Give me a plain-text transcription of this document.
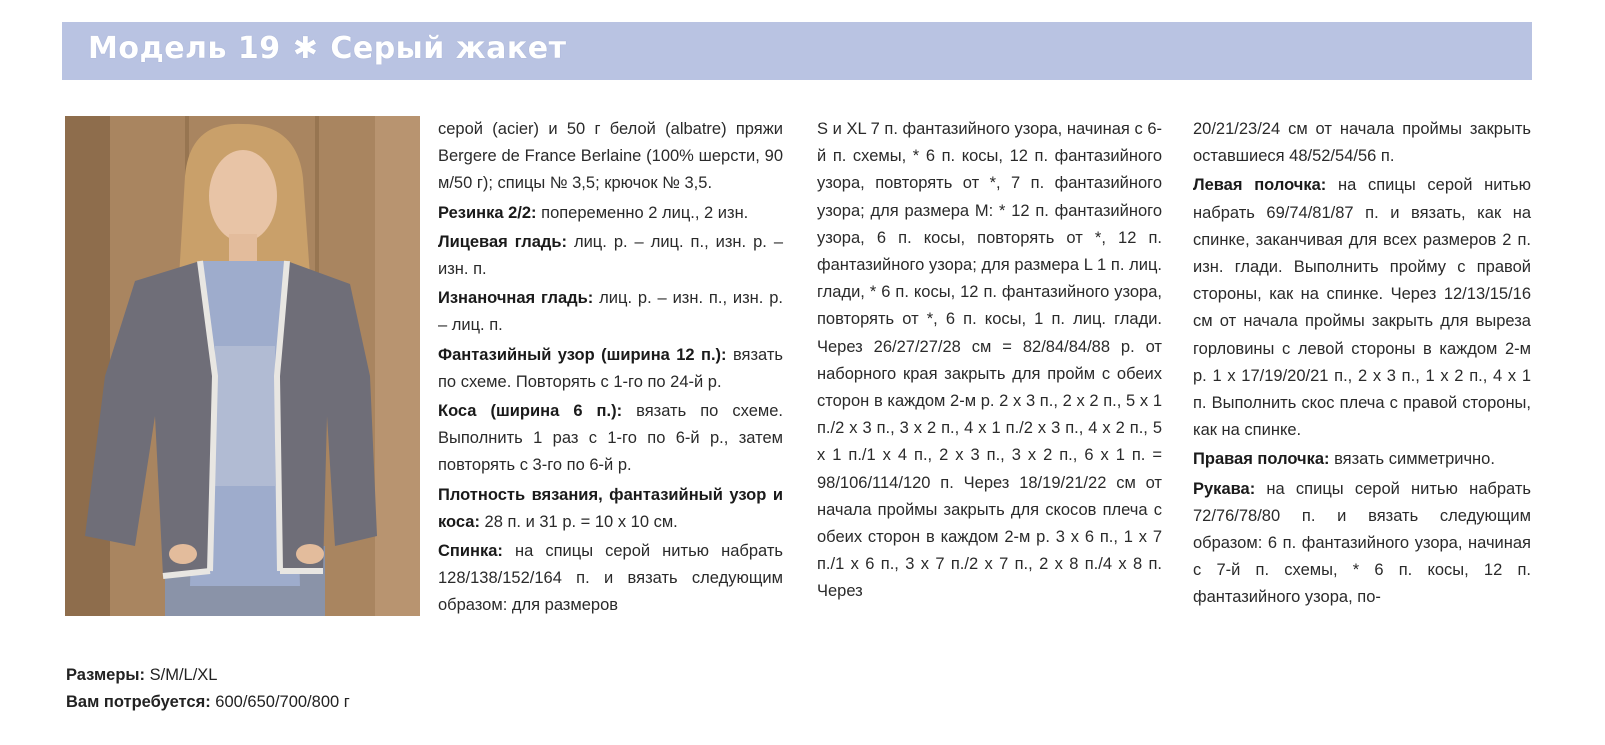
Модель 19 ✱ Серый жакет
Размеры: S/M/L/XL
Вам потребуется: 600/650/700/800 г

серой (acier) и 50 г белой (albatre) пряжи Bergere de France Berlaine (100% шерсти, 90 м/50 г); спицы № 3,5; крючок № 3,5.

Резинка 2/2: попеременно 2 лиц., 2 изн.

Лицевая гладь: лиц. р. – лиц. п., изн. р. – изн. п.

Изнаночная гладь: лиц. р. – изн. п., изн. р. – лиц. п.

Фантазийный узор (ширина 12 п.): вязать по схеме. Повторять с 1-го по 24-й р.

Коса (ширина 6 п.): вязать по схеме. Выполнить 1 раз с 1-го по 6-й р., затем повторять с 3-го по 6-й р.

Плотность вязания, фантазийный узор и коса: 28 п. и 31 р. = 10 х 10 см.

Спинка: на спицы серой нитью набрать 128/138/152/164 п. и вязать следующим образом: для размеров

S и XL 7 п. фантазийного узора, начиная с 6-й п. схемы, * 6 п. косы, 12 п. фантазийного узора, повторять от *, 7 п. фантазийного узора; для размера М: * 12 п. фантазийного узора, 6 п. косы, повторять от *, 12 п. фантазийного узора; для размера L 1 п. лиц. глади, * 6 п. косы, 12 п. фантазийного узора, повторять от *, 6 п. косы, 1 п. лиц. глади. Через 26/27/27/28 см = 82/84/84/88 р. от наборного края закрыть для пройм с обеих сторон в каждом 2-м р. 2 х 3 п., 2 х 2 п., 5 х 1 п./2 х 3 п., 3 х 2 п., 4 х 1 п./2 х 3 п., 4 х 2 п., 5 х 1 п./1 х 4 п., 2 х 3 п., 3 х 2 п., 6 х 1 п. = 98/106/114/120 п. Через 18/19/21/22 см от начала проймы закрыть для скосов плеча с обеих сторон в каждом 2-м р. 3 х 6 п., 1 х 7 п./1 х 6 п., 3 х 7 п./2 х 7 п., 2 х 8 п./4 х 8 п. Через

20/21/23/24 см от начала проймы закрыть оставшиеся 48/52/54/56 п.

Левая полочка: на спицы серой нитью набрать 69/74/81/87 п. и вязать, как на спинке, заканчивая для всех размеров 2 п. изн. глади. Выполнить пройму с правой стороны, как на спинке. Через 12/13/15/16 см от начала проймы закрыть для выреза горловины с левой стороны в каждом 2-м р. 1 х 17/19/20/21 п., 2 х 3 п., 1 х 2 п., 4 х 1 п. Выполнить скос плеча с правой стороны, как на спинке.

Правая полочка: вязать симметрично.

Рукава: на спицы серой нитью набрать 72/76/78/80 п. и вязать следующим образом: 6 п. фантазийного узора, начиная с 7-й п. схемы, * 6 п. косы, 12 п. фантазийного узора, по-
